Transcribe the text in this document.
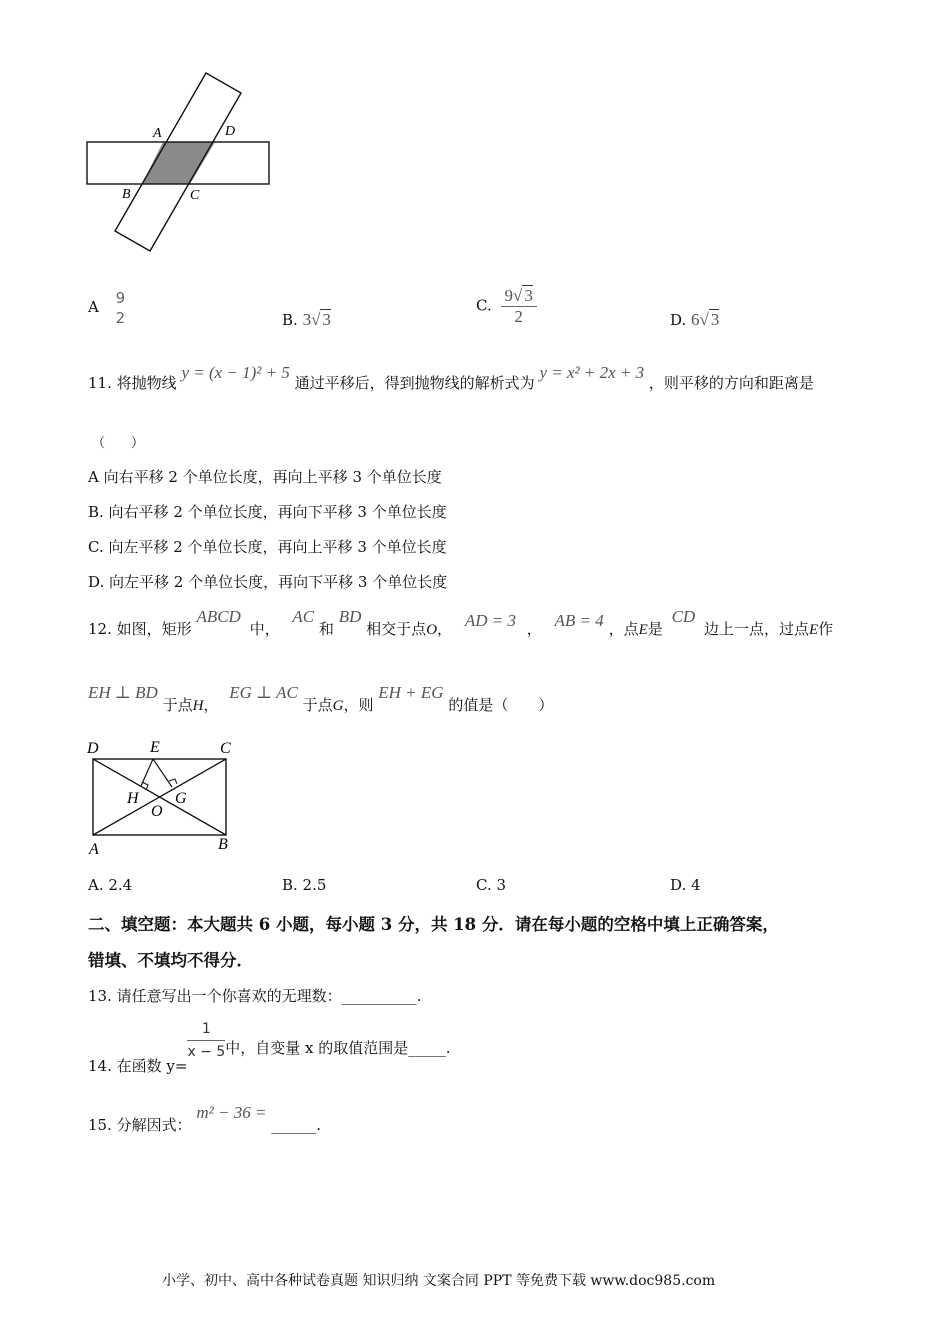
A	D
B	C
A 9
2	B. 3√ 3
C. $\frac{9√ 3}{2}$	D. 6√ 3
11. 将抛物线 y = (x − 1)² + 5 通过平移后，得到抛物线的解析式为 y = x² + 2x + 3 ，则平移的方向和距离是
（　　）
A 向右平移 2 个单位长度，再向上平移 3 个单位长度
B. 向右平移 2 个单位长度，再向下平移 3 个单位长度
C. 向左平移 2 个单位长度，再向上平移 3 个单位长度
D. 向左平移 2 个单位长度，再向下平移 3 个单位长度
12. 如图，矩形 ABCD 中， AC 和 BD 相交于点O， AD = 3 ， AB = 4 ，点E是 CD 边上一点，过点E作
EH ⊥ BD 于点H， EG ⊥ AC 于点G，则 EH + EG 的值是（　　）
D	E	C
H G
O
A	B
A. 2.4	B. 2.5	C. 3	D. 4
二、填空题：本大题共 6 小题，每小题 3 分，共 18 分．请在每小题的空格中填上正确答案，
错填、不填均不得分．
13. 请任意写出一个你喜欢的无理数：__________.
14. 在函数 y=
$\frac{1}{x - 5}$ 中，自变量 x 的取值范围是_____.
15. 分解因式： m² − 36 = ______.
小学、初中、高中各种试卷真题 知识归纳 文案合同 PPT 等免费下载 www.doc985.com
